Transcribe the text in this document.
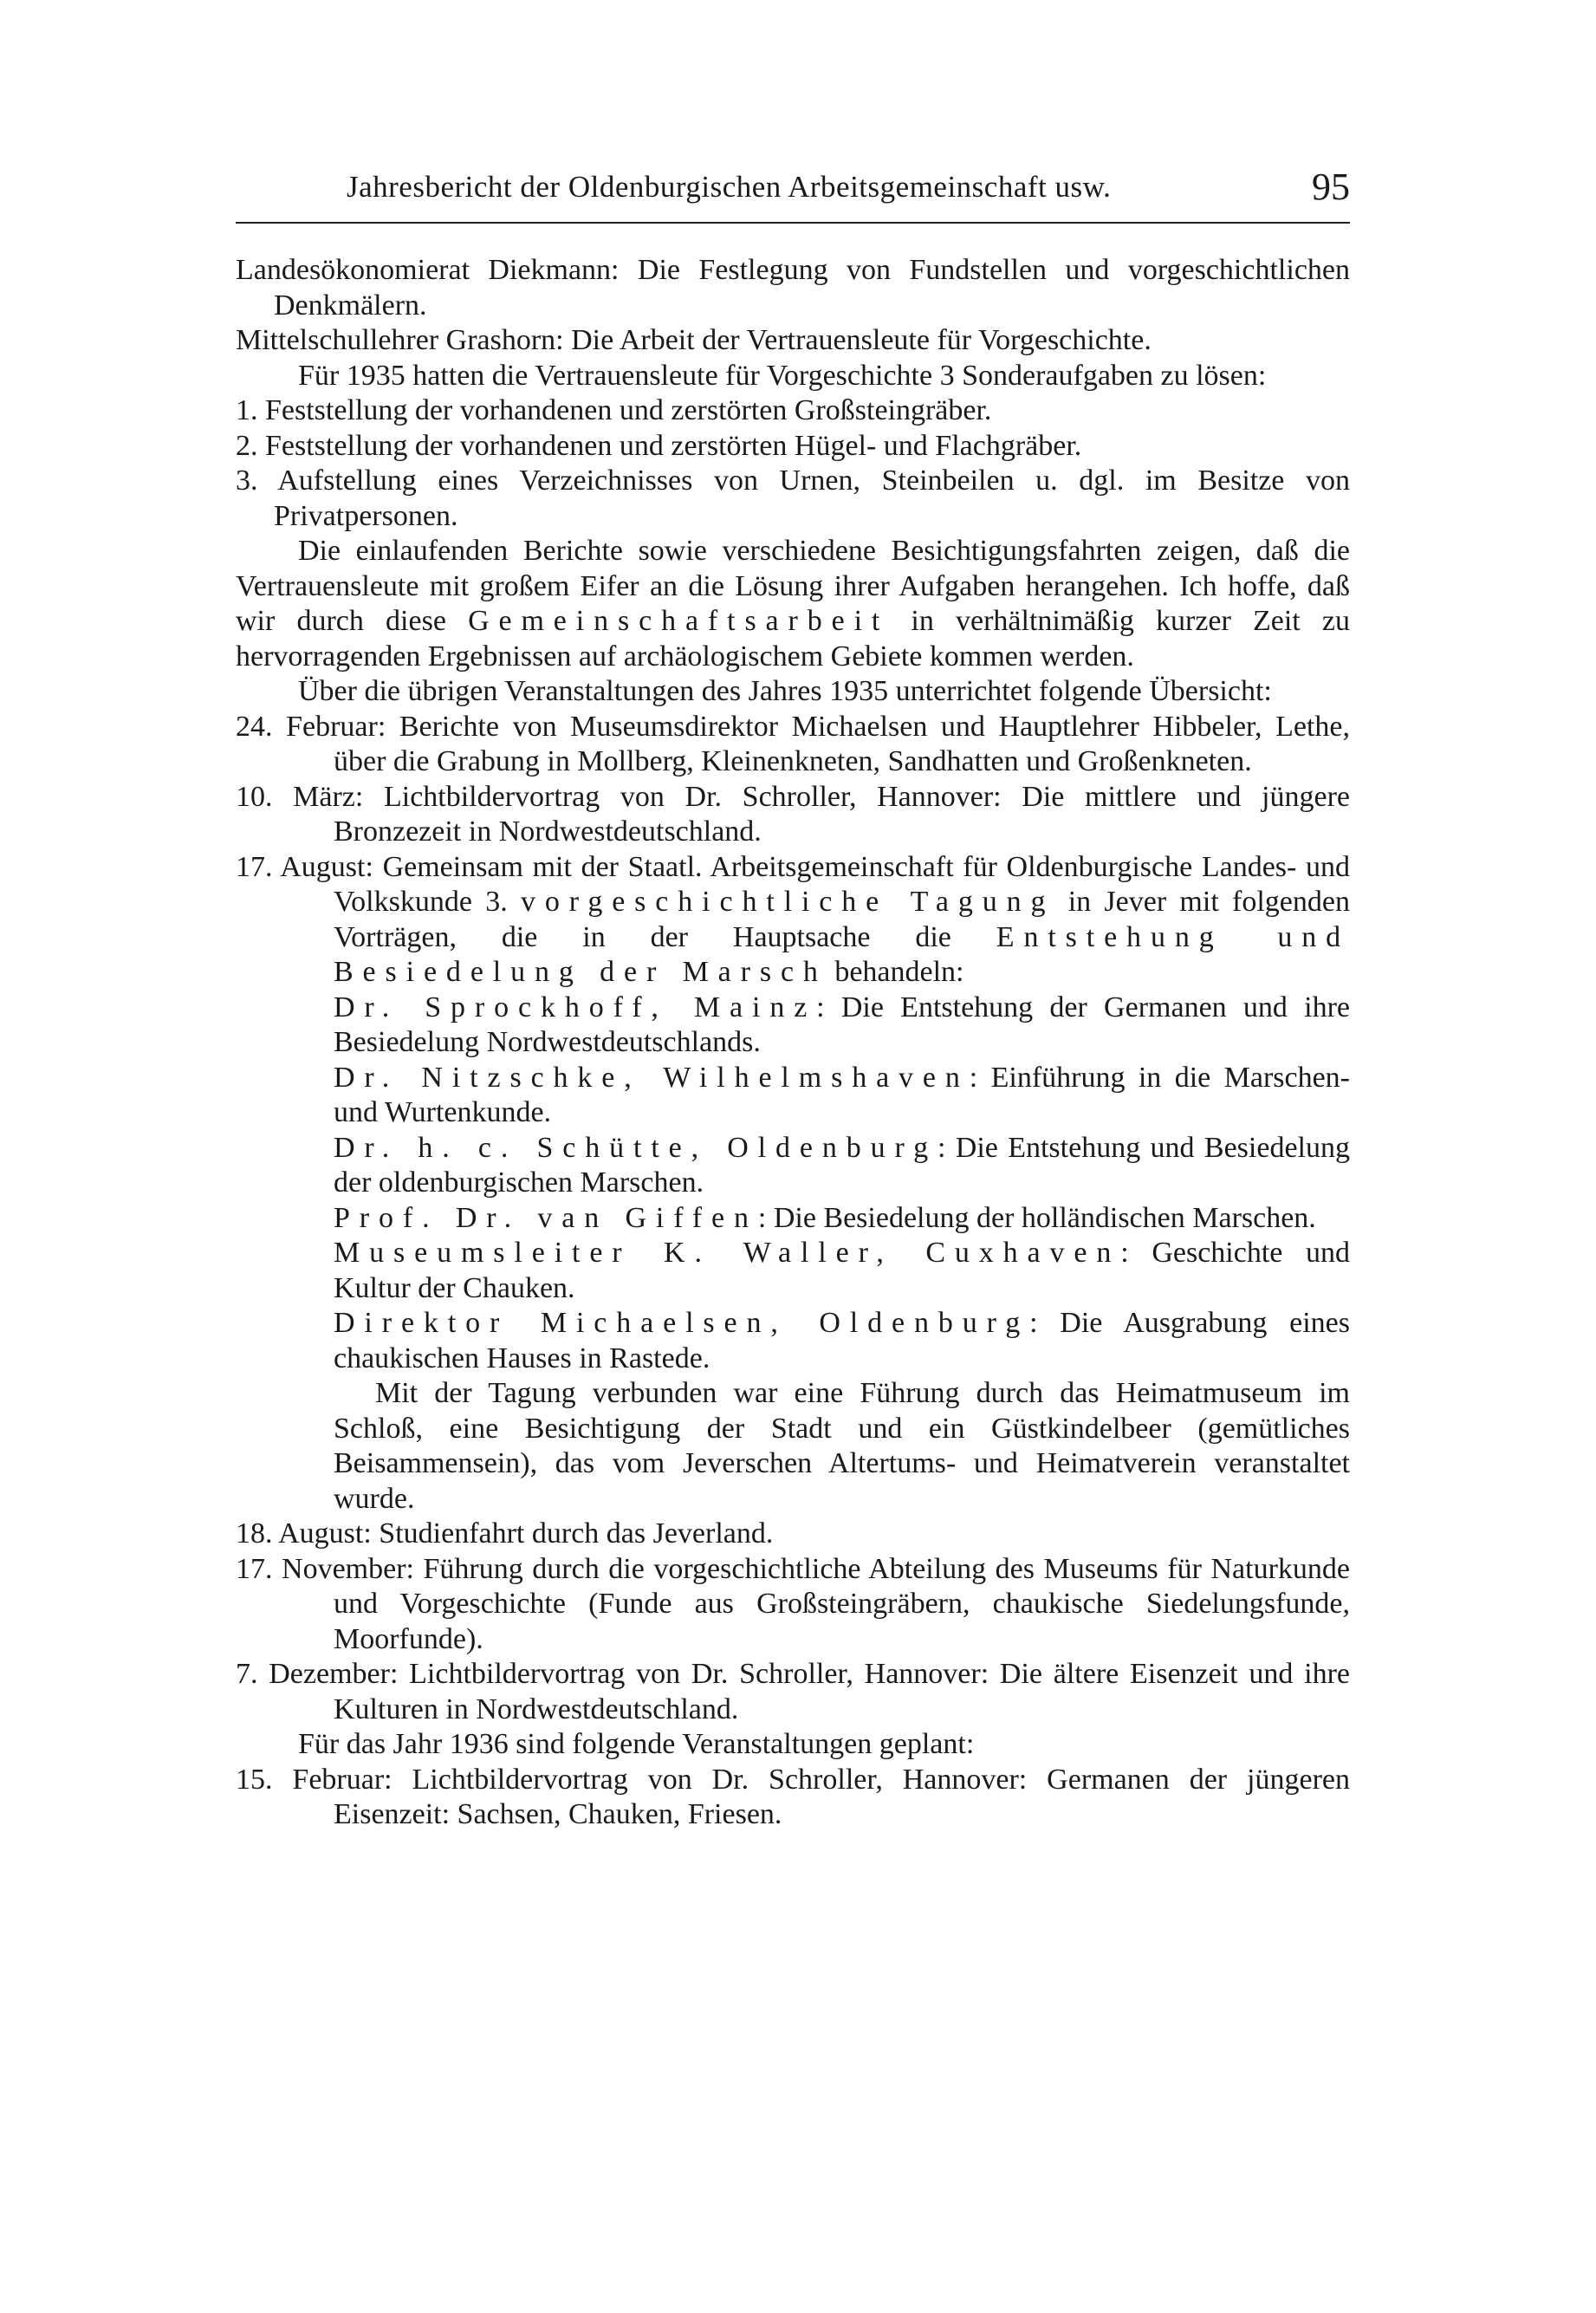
Jahresbericht der Oldenburgischen Arbeitsgemeinschaft usw.	95

Landesökonomierat Diekmann: Die Festlegung von Fundstellen und vorgeschichtlichen Denkmälern.

Mittelschullehrer Grashorn: Die Arbeit der Vertrauensleute für Vorgeschichte.

Für 1935 hatten die Vertrauensleute für Vorgeschichte 3 Sonderaufgaben zu lösen:

1. Feststellung der vorhandenen und zerstörten Großsteingräber.

2. Feststellung der vorhandenen und zerstörten Hügel- und Flachgräber.

3. Aufstellung eines Verzeichnisses von Urnen, Steinbeilen u. dgl. im Besitze von Privatpersonen.

Die einlaufenden Berichte sowie verschiedene Besichtigungsfahrten zeigen, daß die Vertrauensleute mit großem Eifer an die Lösung ihrer Aufgaben herangehen. Ich hoffe, daß wir durch diese Gemeinschaftsarbeit in verhältnimäßig kurzer Zeit zu hervorragenden Ergebnissen auf archäologischem Gebiete kommen werden.

Über die übrigen Veranstaltungen des Jahres 1935 unterrichtet folgende Übersicht:

24. Februar: Berichte von Museumsdirektor Michaelsen und Hauptlehrer Hibbeler, Lethe, über die Grabung in Mollberg, Kleinenkneten, Sandhatten und Großenkneten.

10. März: Lichtbildervortrag von Dr. Schroller, Hannover: Die mittlere und jüngere Bronzezeit in Nordwestdeutschland.

17. August: Gemeinsam mit der Staatl. Arbeitsgemeinschaft für Oldenburgische Landes- und Volkskunde 3. vorgeschichtliche Tagung in Jever mit folgenden Vorträgen, die in der Hauptsache die Entstehung und Besiedelung der Marsch behandeln:

Dr. Sprockhoff, Mainz: Die Entstehung der Germanen und ihre Besiedelung Nordwestdeutschlands.

Dr. Nitzschke, Wilhelmshaven: Einführung in die Marschen- und Wurtenkunde.

Dr. h. c. Schütte, Oldenburg: Die Entstehung und Besiedelung der oldenburgischen Marschen.

Prof. Dr. van Giffen: Die Besiedelung der holländischen Marschen.

Museumsleiter K. Waller, Cuxhaven: Geschichte und Kultur der Chauken.

Direktor Michaelsen, Oldenburg: Die Ausgrabung eines chaukischen Hauses in Rastede.

Mit der Tagung verbunden war eine Führung durch das Heimatmuseum im Schloß, eine Besichtigung der Stadt und ein Güstkindelbeer (gemütliches Beisammensein), das vom Jeverschen Altertums- und Heimatverein veranstaltet wurde.

18. August: Studienfahrt durch das Jeverland.

17. November: Führung durch die vorgeschichtliche Abteilung des Museums für Naturkunde und Vorgeschichte (Funde aus Großsteingräbern, chaukische Siedelungsfunde, Moorfunde).

7. Dezember: Lichtbildervortrag von Dr. Schroller, Hannover: Die ältere Eisenzeit und ihre Kulturen in Nordwestdeutschland.

Für das Jahr 1936 sind folgende Veranstaltungen geplant:

15. Februar: Lichtbildervortrag von Dr. Schroller, Hannover: Germanen der jüngeren Eisenzeit: Sachsen, Chauken, Friesen.
